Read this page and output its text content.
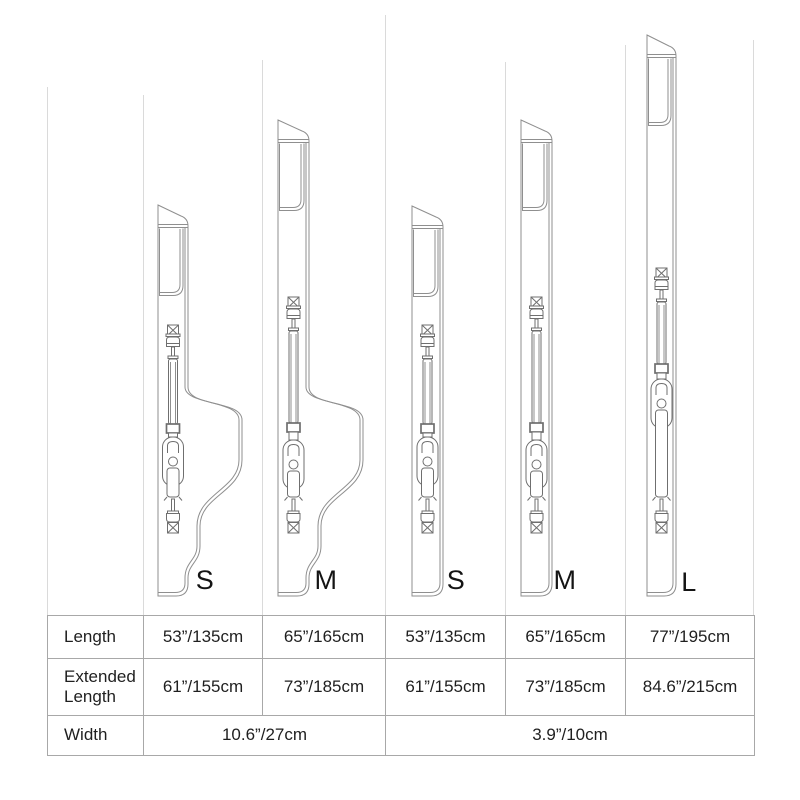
S	M	S	M	L
Length	53”/135cm	65”/165cm	53”/135cm	65”/165cm	77”/195cm
Extended Length	61”/155cm	73”/185cm	61”/155cm	73”/185cm	84.6”/215cm
Width	10.6”/27cm		3.9”/10cm		
